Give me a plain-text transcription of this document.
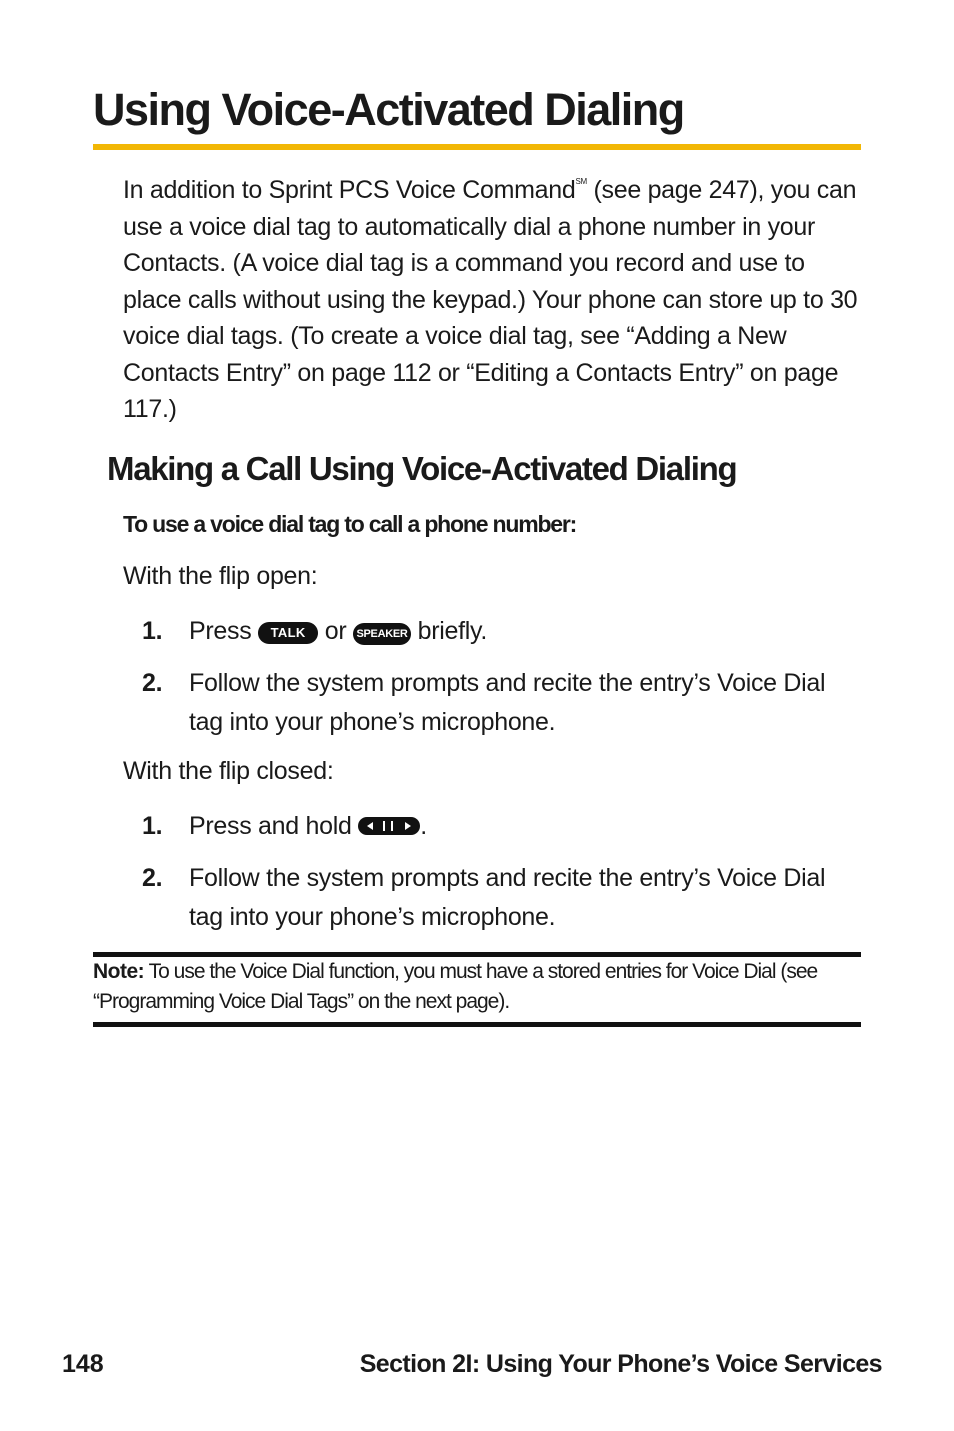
Using Voice-Activated Dialing

In addition to Sprint PCS Voice Command℠ (see page 247), you can use a voice dial tag to automatically dial a phone number in your Contacts. (A voice dial tag is a command you record and use to place calls without using the keypad.) Your phone can store up to 30 voice dial tags. (To create a voice dial tag, see “Adding a New Contacts Entry” on page 112 or “Editing a Contacts Entry” on page 117.)

Making a Call Using Voice-Activated Dialing

To use a voice dial tag to call a phone number:

With the flip open:

1. Press TALK or SPEAKER briefly.
2. Follow the system prompts and recite the entry’s Voice Dial tag into your phone’s microphone.

With the flip closed:

1. Press and hold	.
2. Follow the system prompts and recite the entry’s Voice Dial tag into your phone’s microphone.

Note: To use the Voice Dial function, you must have a stored entries for Voice Dial (see “Programming Voice Dial Tags” on the next page).

148	Section 2I: Using Your Phone’s Voice Services
